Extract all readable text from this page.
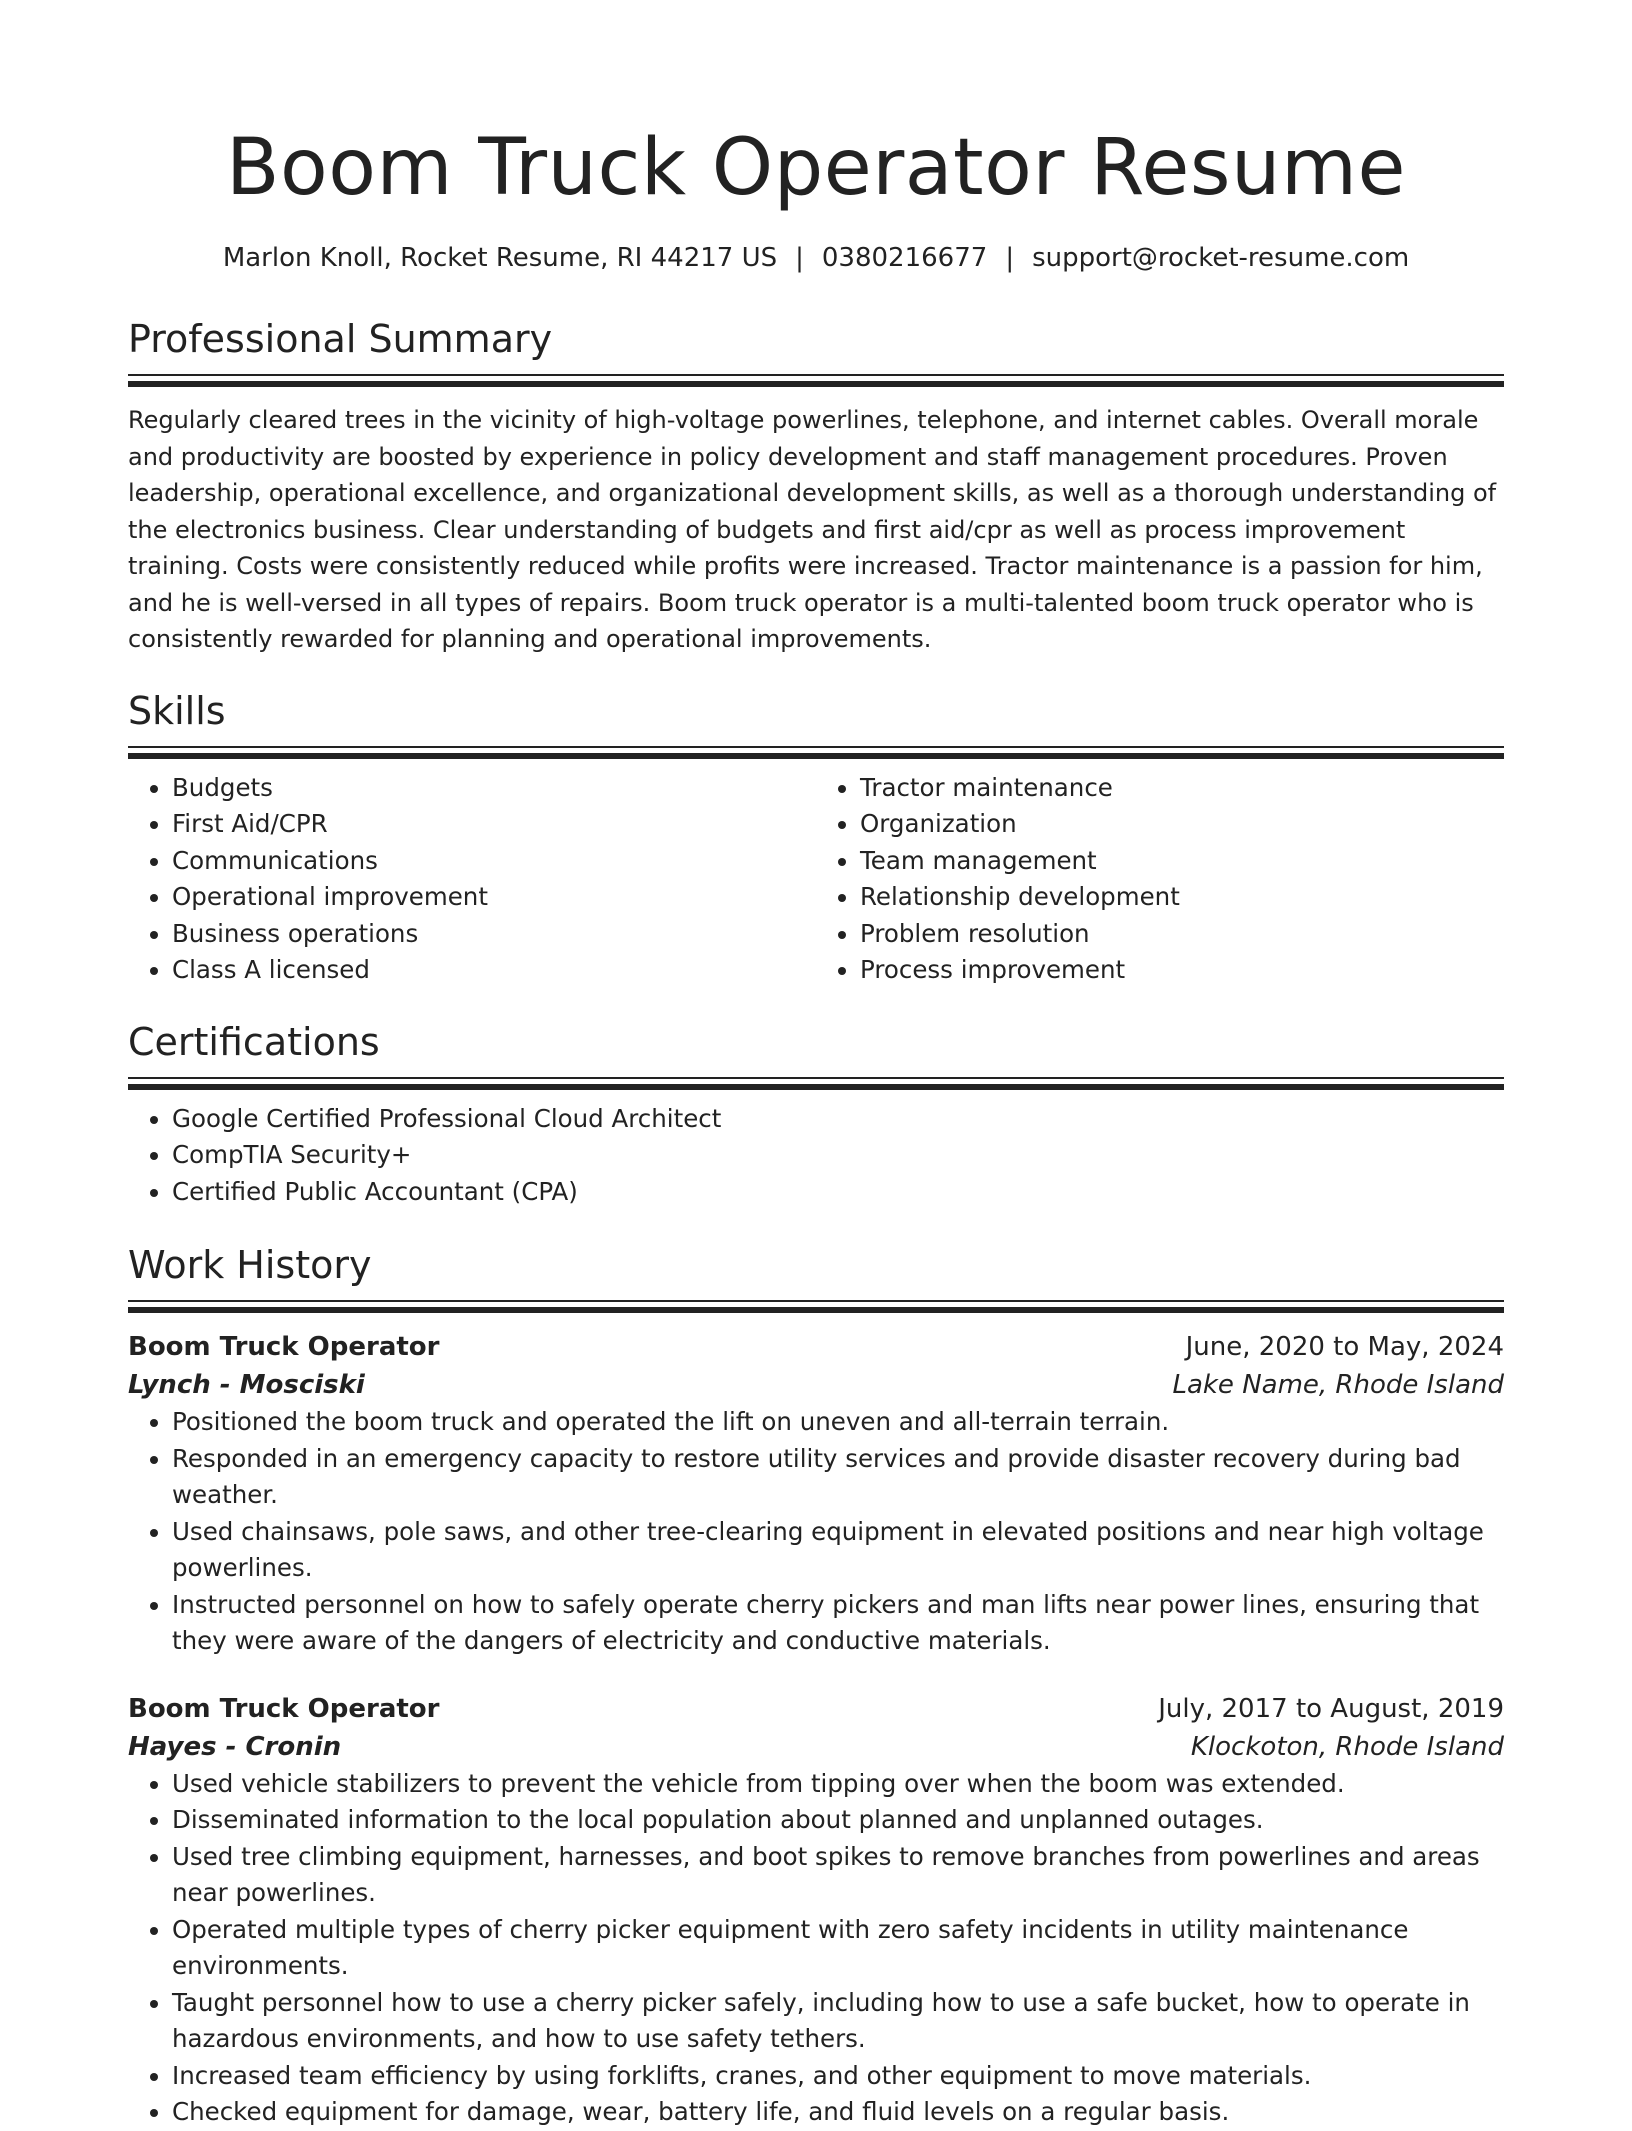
Boom Truck Operator Resume
Marlon Knoll, Rocket Resume, RI 44217 US | 0380216677 | support@rocket-resume.com
Professional Summary

Regularly cleared trees in the vicinity of high-voltage powerlines, telephone, and internet cables. Overall morale and productivity are boosted by experience in policy development and staff management procedures. Proven leadership, operational excellence, and organizational development skills, as well as a thorough understanding of the electronics business. Clear understanding of budgets and first aid/cpr as well as process improvement training. Costs were consistently reduced while profits were increased. Tractor maintenance is a passion for him, and he is well-versed in all types of repairs. Boom truck operator is a multi-talented boom truck operator who is consistently rewarded for planning and operational improvements.

Skills
• Budgets
• First Aid/CPR
• Communications
• Operational improvement
• Business operations
• Class A licensed
• Tractor maintenance
• Organization
• Team management
• Relationship development
• Problem resolution
• Process improvement
Certifications
• Google Certified Professional Cloud Architect
• CompTIA Security+
• Certified Public Accountant (CPA)
Work History
Boom Truck Operator	June, 2020 to May, 2024
Lynch - Mosciski	Lake Name, Rhode Island
• Positioned the boom truck and operated the lift on uneven and all-terrain terrain.
• Responded in an emergency capacity to restore utility services and provide disaster recovery during bad weather.
• Used chainsaws, pole saws, and other tree-clearing equipment in elevated positions and near high voltage powerlines.
• Instructed personnel on how to safely operate cherry pickers and man lifts near power lines, ensuring that they were aware of the dangers of electricity and conductive materials.
Boom Truck Operator	July, 2017 to August, 2019
Hayes - Cronin	Klockoton, Rhode Island
• Used vehicle stabilizers to prevent the vehicle from tipping over when the boom was extended.
• Disseminated information to the local population about planned and unplanned outages.
• Used tree climbing equipment, harnesses, and boot spikes to remove branches from powerlines and areas near powerlines.
• Operated multiple types of cherry picker equipment with zero safety incidents in utility maintenance environments.
• Taught personnel how to use a cherry picker safely, including how to use a safe bucket, how to operate in hazardous environments, and how to use safety tethers.
• Increased team efficiency by using forklifts, cranes, and other equipment to move materials.
• Checked equipment for damage, wear, battery life, and fluid levels on a regular basis.
